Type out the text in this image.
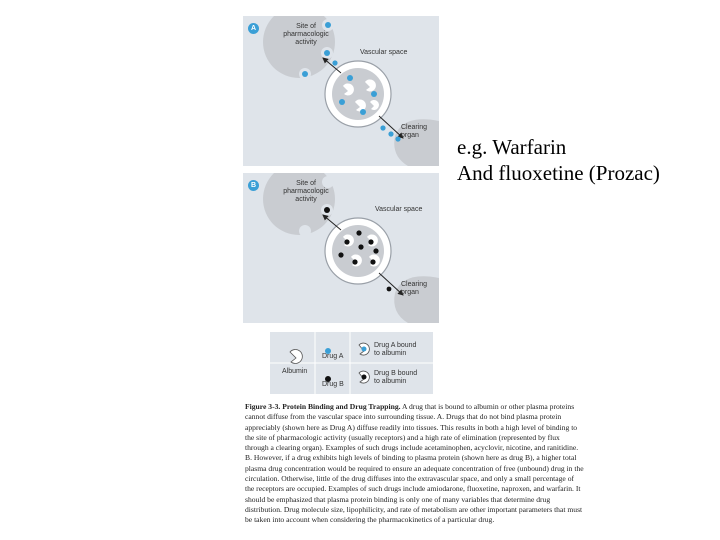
A	Site of
pharmacologic
activity
Vascular space
Clearing
organ
B	Site of
pharmacologic
activity
Vascular space
Clearing
organ
Albumin
Drug A
Drug B
Drug A bound
to albumin
Drug B bound
to albumin
Figure 3-3. Protein Binding and Drug Trapping. A drug that is bound to albumin or other plasma proteins cannot diffuse from the vascular space into surrounding tissue. A. Drugs that do not bind plasma protein appreciably (shown here as Drug A) diffuse readily into tissues. This results in both a high level of binding to the site of pharmacologic activity (usually receptors) and a high rate of elimination (represented by flux through a clearing organ). Examples of such drugs include acetaminophen, acyclovir, nicotine, and ranitidine. B. However, if a drug exhibits high levels of binding to plasma protein (shown here as drug B), a higher total plasma drug concentration would be required to ensure an adequate concentration of free (unbound) drug in the circulation. Otherwise, little of the drug diffuses into the extravascular space, and only a small percentage of the receptors are occupied. Examples of such drugs include amiodarone, fluoxetine, naproxen, and warfarin. It should be emphasized that plasma protein binding is only one of many variables that determine drug distribution. Drug molecule size, lipophilicity, and rate of metabolism are other important parameters that must be taken into account when considering the pharmacokinetics of a particular drug.
e.g. Warfarin
And fluoxetine (Prozac)
